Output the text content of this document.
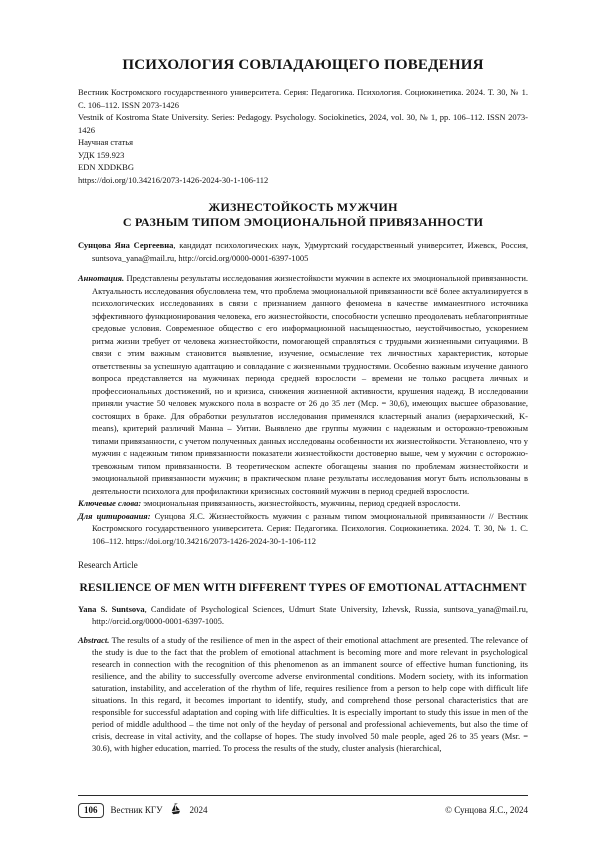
ПСИХОЛОГИЯ СОВЛАДАЮЩЕГО ПОВЕДЕНИЯ

Вестник Костромского государственного университета. Серия: Педагогика. Психология. Социокинетика. 2024. Т. 30, № 1. С. 106–112. ISSN 2073-1426

Vestnik of Kostroma State University. Series: Pedagogy. Psychology. Sociokinetics, 2024, vol. 30, № 1, pp. 106–112. ISSN 2073-1426

Научная статья

УДК 159.923

EDN XDDKBG

https://doi.org/10.34216/2073-1426-2024-30-1-106-112

ЖИЗНЕСТОЙКОСТЬ МУЖЧИН
С РАЗНЫМ ТИПОМ ЭМОЦИОНАЛЬНОЙ ПРИВЯЗАННОСТИ

Сунцова Яна Сергеевна, кандидат психологических наук, Удмуртский государственный университет, Ижевск, Россия, suntsova_yana@mail.ru, http://orcid.org/0000-0001-6397-1005

Аннотация. Представлены результаты исследования жизнестойкости мужчин в аспекте их эмоциональной привязанности. Актуальность исследования обусловлена тем, что проблема эмоциональной привязанности всё более актуализируется в психологических исследованиях в связи с признанием данного феномена в качестве имманентного источника эффективного функционирования человека, его жизнестойкости, способности успешно преодолевать неблагоприятные средовые условия. Современное общество с его информационной насыщенностью, неустойчивостью, ускорением ритма жизни требует от человека жизнестойкости, помогающей справляться с трудными жизненными ситуациями. В связи с этим важным становится выявление, изучение, осмысление тех личностных характеристик, которые ответственны за успешную адаптацию и совладание с жизненными трудностями. Особенно важным изучение данного вопроса представляется на мужчинах периода средней взрослости – времени не только расцвета личных и профессиональных достижений, но и кризиса, снижения жизненной активности, крушения надежд. В исследовании приняли участие 50 человек мужского пола в возрасте от 26 до 35 лет (Мср. = 30,6), имеющих высшее образование, состоящих в браке. Для обработки результатов исследования применялся кластерный анализ (иерархический, K-means), критерий различий Манна – Уитни. Выявлено две группы мужчин с надежным и осторожно-тревожным типами привязанности, с учетом полученных данных исследованы особенности их жизнестойкости. Установлено, что у мужчин с надежным типом привязанности показатели жизнестойкости достоверно выше, чем у мужчин с осторожно-тревожным типом привязанности. В теоретическом аспекте обогащены знания по проблемам жизнестойкости и эмоциональной привязанности мужчин; в практическом плане результаты исследования могут быть использованы в деятельности психолога для профилактики кризисных состояний мужчин в период средней взрослости.

Ключевые слова: эмоциональная привязанность, жизнестойкость, мужчины, период средней взрослости.

Для цитирования: Сунцова Я.С. Жизнестойкость мужчин с разным типом эмоциональной привязанности // Вестник Костромского государственного университета. Серия: Педагогика. Психология. Социокинетика. 2024. Т. 30, № 1. С. 106–112. https://doi.org/10.34216/2073-1426-2024-30-1-106-112

Research Article

RESILIENCE OF MEN WITH DIFFERENT TYPES OF EMOTIONAL ATTACHMENT

Yana S. Suntsova, Candidate of Psychological Sciences, Udmurt State University, Izhevsk, Russia, suntsova_yana@mail.ru, http://orcid.org/0000-0001-6397-1005.

Abstract. The results of a study of the resilience of men in the aspect of their emotional attachment are presented. The relevance of the study is due to the fact that the problem of emotional attachment is becoming more and more relevant in psychological research in connection with the recognition of this phenomenon as an immanent source of effective human functioning, its resilience, and the ability to successfully overcome adverse environmental conditions. Modern society, with its information saturation, instability, and acceleration of the rhythm of life, requires resilience from a person to help cope with difficult life situations. In this regard, it becomes important to identify, study, and comprehend those personal characteristics that are responsible for successful adaptation and coping with life difficulties. It is especially important to study this issue in men of the period of middle adulthood – the time not only of the heyday of personal and professional achievements, but also the time of crisis, decrease in vital activity, and the collapse of hopes. The study involved 50 male people, aged 26 to 35 years (Msr. = 30.6), with higher education, married. To process the results of the study, cluster analysis (hierarchical,

106	Вестник КГУ	2024	© Сунцова Я.С., 2024
